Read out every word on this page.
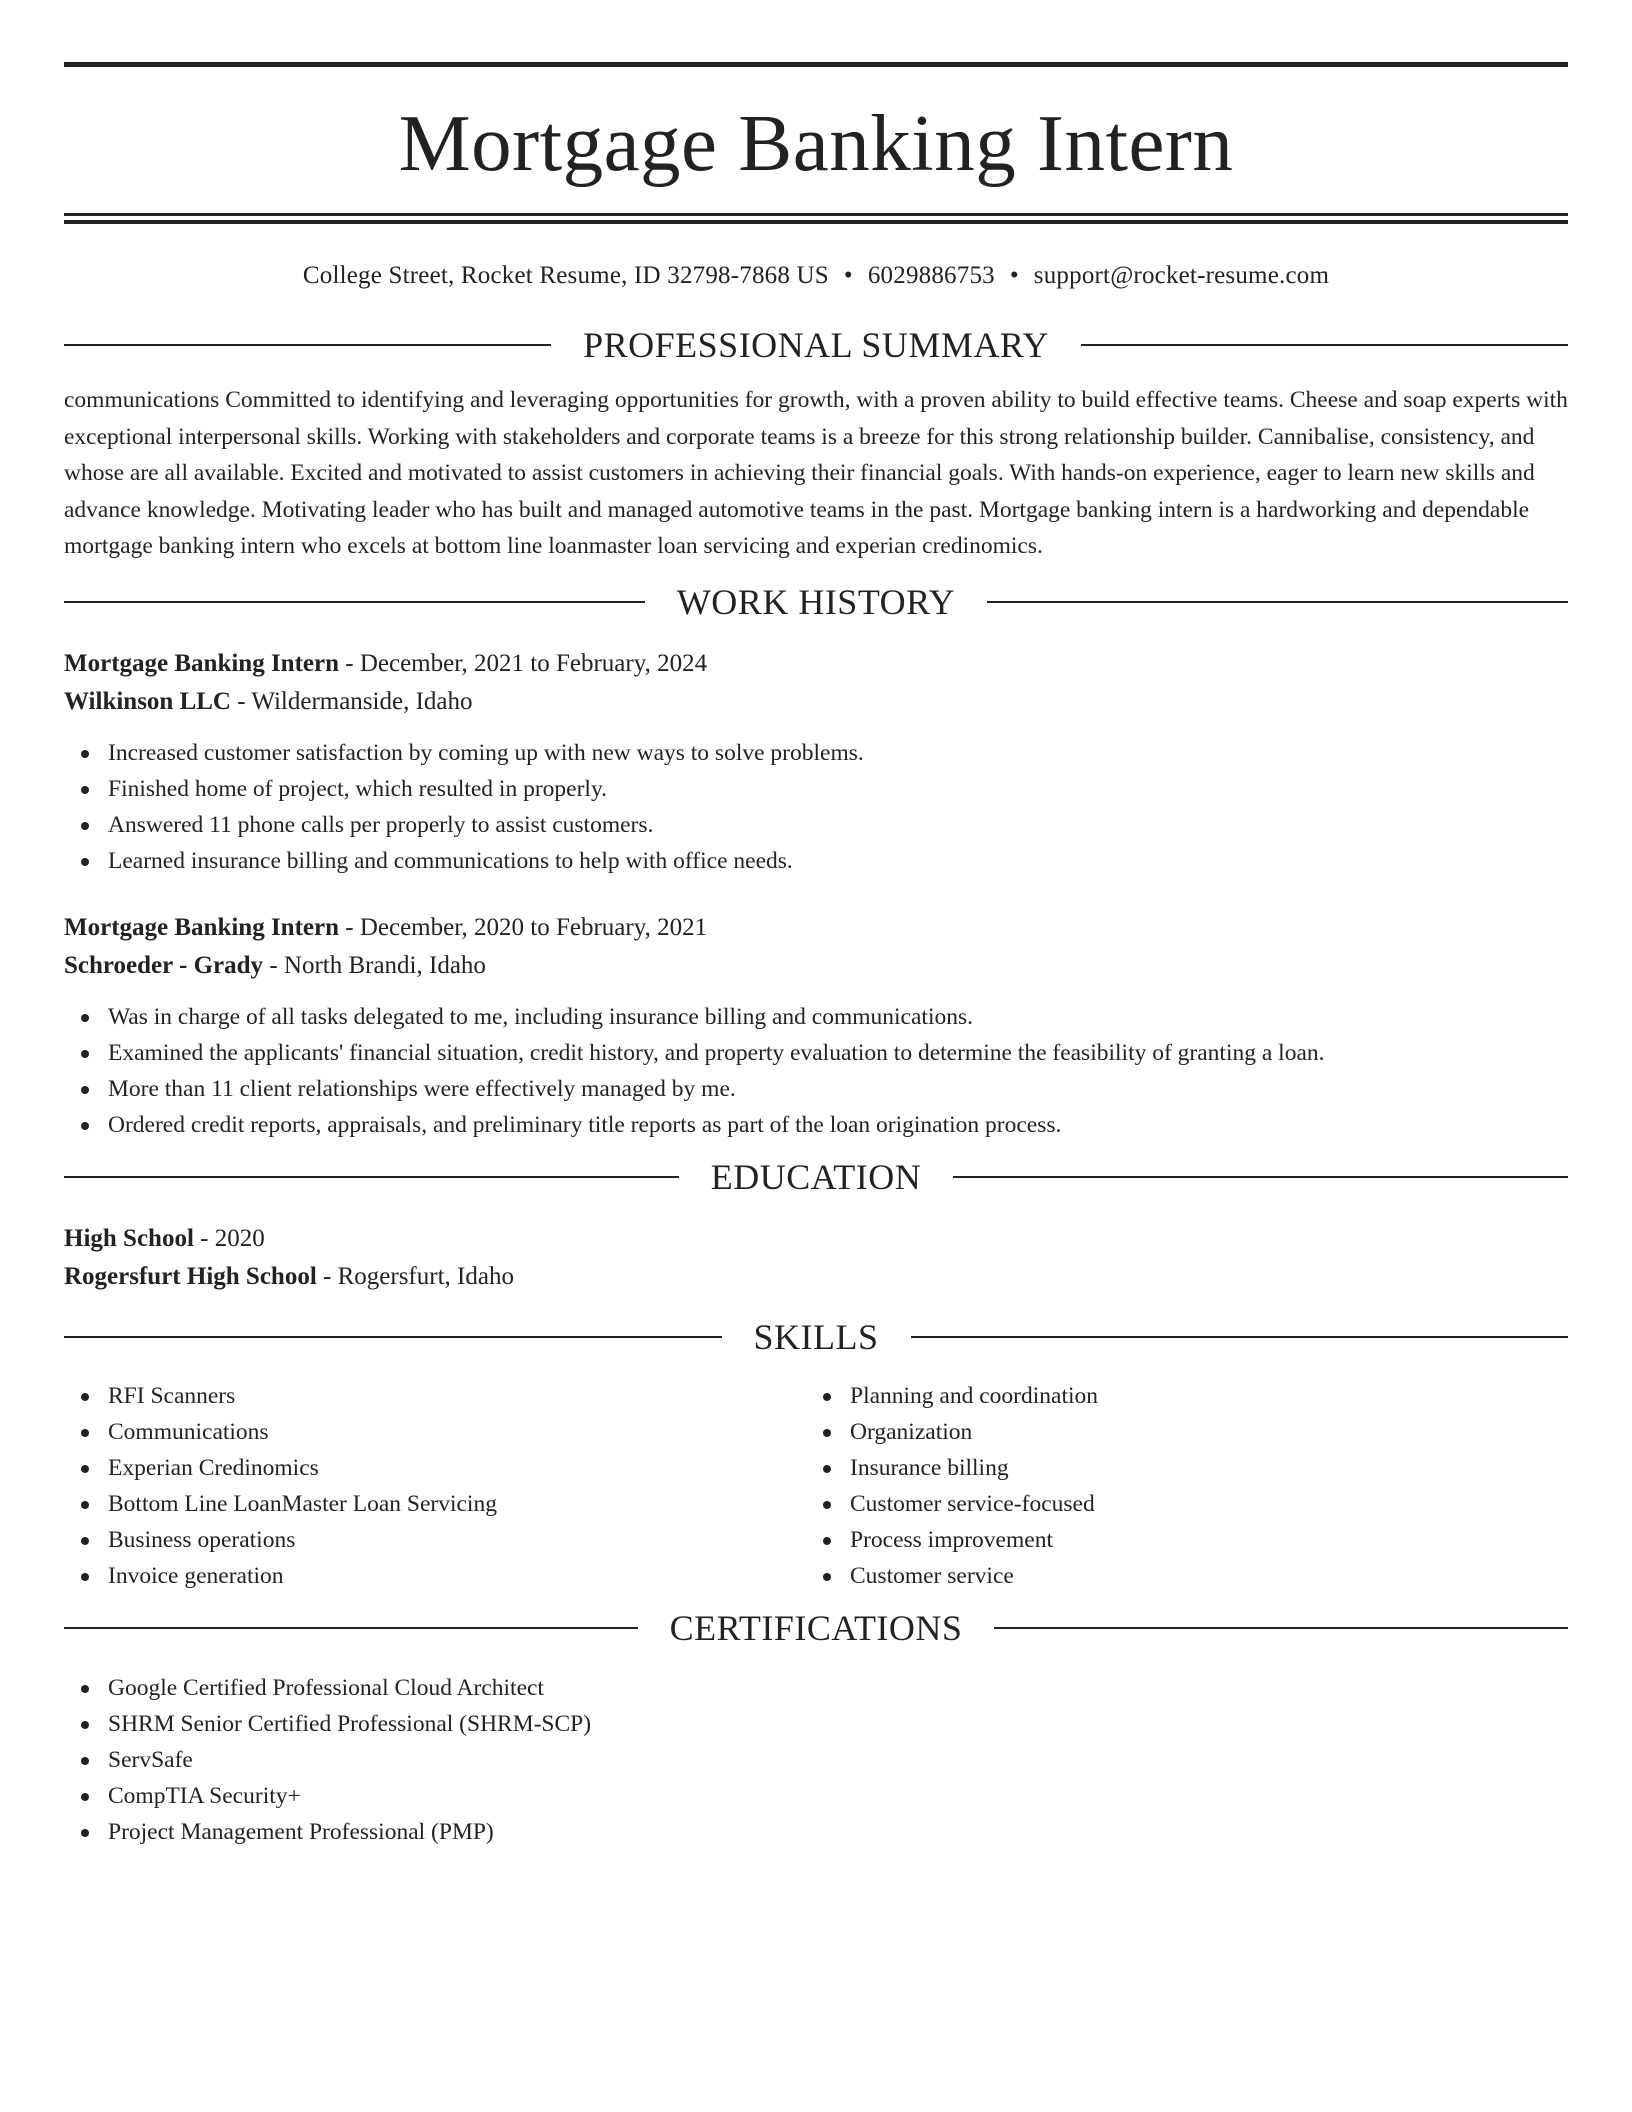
Mortgage Banking Intern
College Street, Rocket Resume, ID 32798-7868 US • 6029886753 • support@rocket-resume.com
PROFESSIONAL SUMMARY

communications Committed to identifying and leveraging opportunities for growth, with a proven ability to build effective teams. Cheese and soap experts with exceptional interpersonal skills. Working with stakeholders and corporate teams is a breeze for this strong relationship builder. Cannibalise, consistency, and whose are all available. Excited and motivated to assist customers in achieving their financial goals. With hands-on experience, eager to learn new skills and advance knowledge. Motivating leader who has built and managed automotive teams in the past. Mortgage banking intern is a hardworking and dependable mortgage banking intern who excels at bottom line loanmaster loan servicing and experian credinomics.

WORK HISTORY
Mortgage Banking Intern - December, 2021 to February, 2024
Wilkinson LLC - Wildermanside, Idaho
Increased customer satisfaction by coming up with new ways to solve problems.
Finished home of project, which resulted in properly.
Answered 11 phone calls per properly to assist customers.
Learned insurance billing and communications to help with office needs.
Mortgage Banking Intern - December, 2020 to February, 2021
Schroeder - Grady - North Brandi, Idaho
Was in charge of all tasks delegated to me, including insurance billing and communications.
Examined the applicants' financial situation, credit history, and property evaluation to determine the feasibility of granting a loan.
More than 11 client relationships were effectively managed by me.
Ordered credit reports, appraisals, and preliminary title reports as part of the loan origination process.
EDUCATION
High School - 2020
Rogersfurt High School - Rogersfurt, Idaho
SKILLS
RFI Scanners
Communications
Experian Credinomics
Bottom Line LoanMaster Loan Servicing
Business operations
Invoice generation
Planning and coordination
Organization
Insurance billing
Customer service-focused
Process improvement
Customer service
CERTIFICATIONS
Google Certified Professional Cloud Architect
SHRM Senior Certified Professional (SHRM-SCP)
ServSafe
CompTIA Security+
Project Management Professional (PMP)
